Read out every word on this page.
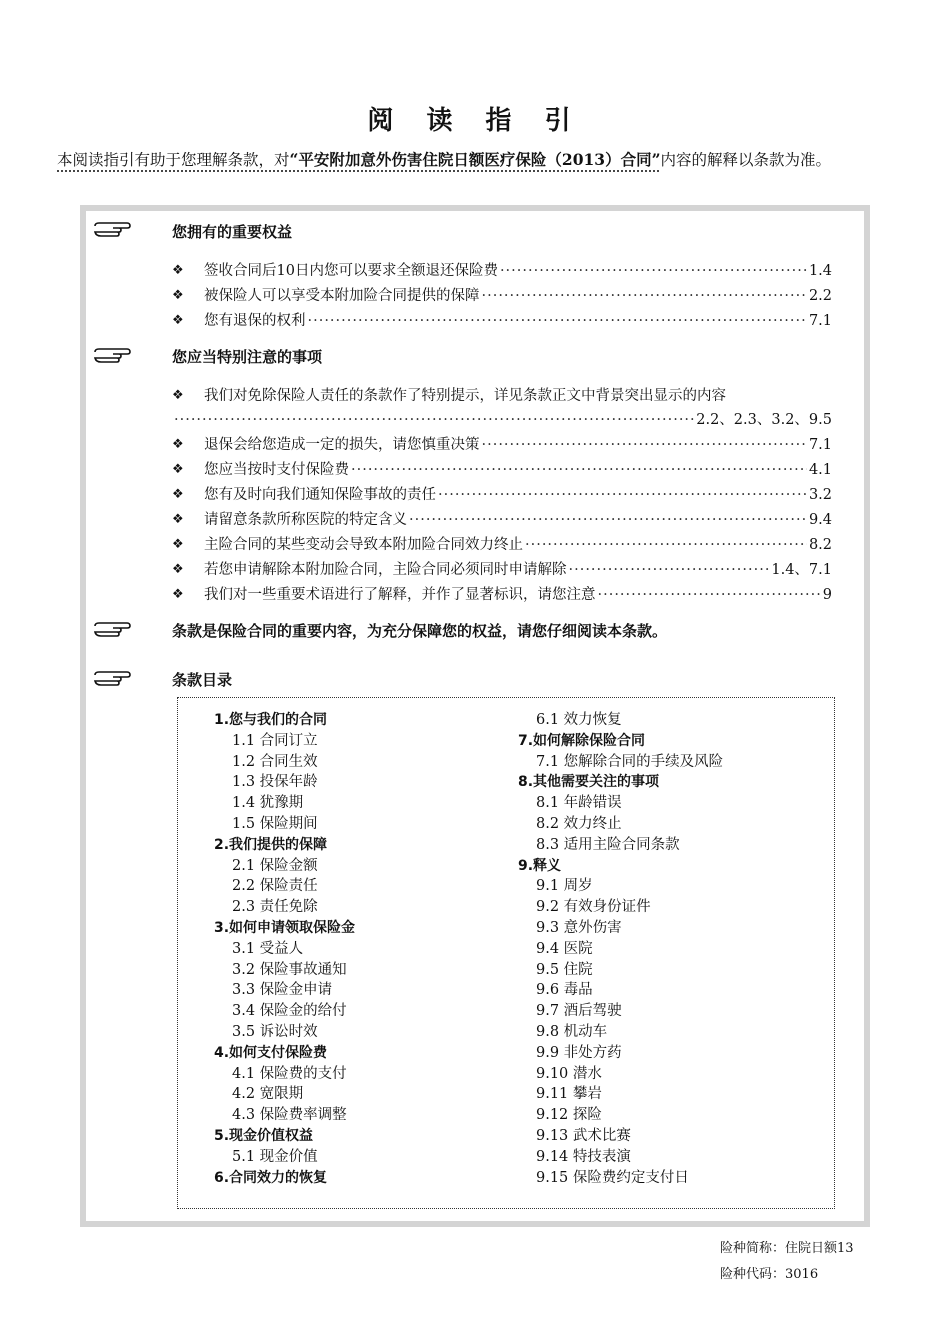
阅 读 指 引
本阅读指引有助于您理解条款，对“平安附加意外伤害住院日额医疗保险（2013）合同”内容的解释以条款为准。
您拥有的重要权益
❖ 签收合同后10日内您可以要求全额退还保险费 ·····	1.4
❖ 被保险人可以享受本附加险合同提供的保障 ·····	2.2
❖ 您有退保的权利 ·····	7.1
您应当特别注意的事项
❖ 我们对免除保险人责任的条款作了特别提示，详见条款正文中背景突出显示的内容
·····
2.2、2.3、3.2、9.5
❖ 退保会给您造成一定的损失，请您慎重决策 ·····	7.1
❖ 您应当按时支付保险费 ·····	4.1
❖ 您有及时向我们通知保险事故的责任 ·····	3.2
❖ 请留意条款所称医院的特定含义 ·····	9.4
❖ 主险合同的某些变动会导致本附加险合同效力终止 ·····	8.2
❖ 若您申请解除本附加险合同，主险合同必须同时申请解除 ·····	1.4、7.1
❖ 我们对一些重要术语进行了解释，并作了显著标识，请您注意 ·····	9
条款是保险合同的重要内容，为充分保障您的权益，请您仔细阅读本条款。
条款目录
1.您与我们的合同
1.1 合同订立
1.2 合同生效
1.3 投保年龄
1.4 犹豫期
1.5 保险期间
2.我们提供的保障
2.1 保险金额
2.2 保险责任
2.3 责任免除
3.如何申请领取保险金
3.1 受益人
3.2 保险事故通知
3.3 保险金申请
3.4 保险金的给付
3.5 诉讼时效
4.如何支付保险费
4.1 保险费的支付
4.2 宽限期
4.3 保险费率调整
5.现金价值权益
5.1 现金价值
6.合同效力的恢复
6.1 效力恢复
7.如何解除保险合同
7.1 您解除合同的手续及风险
8.其他需要关注的事项
8.1 年龄错误
8.2 效力终止
8.3 适用主险合同条款
9.释义
9.1 周岁
9.2 有效身份证件
9.3 意外伤害
9.4 医院
9.5 住院
9.6 毒品
9.7 酒后驾驶
9.8 机动车
9.9 非处方药
9.10 潜水
9.11 攀岩
9.12 探险
9.13 武术比赛
9.14 特技表演
9.15 保险费约定支付日
险种简称：住院日额13
险种代码：3016
